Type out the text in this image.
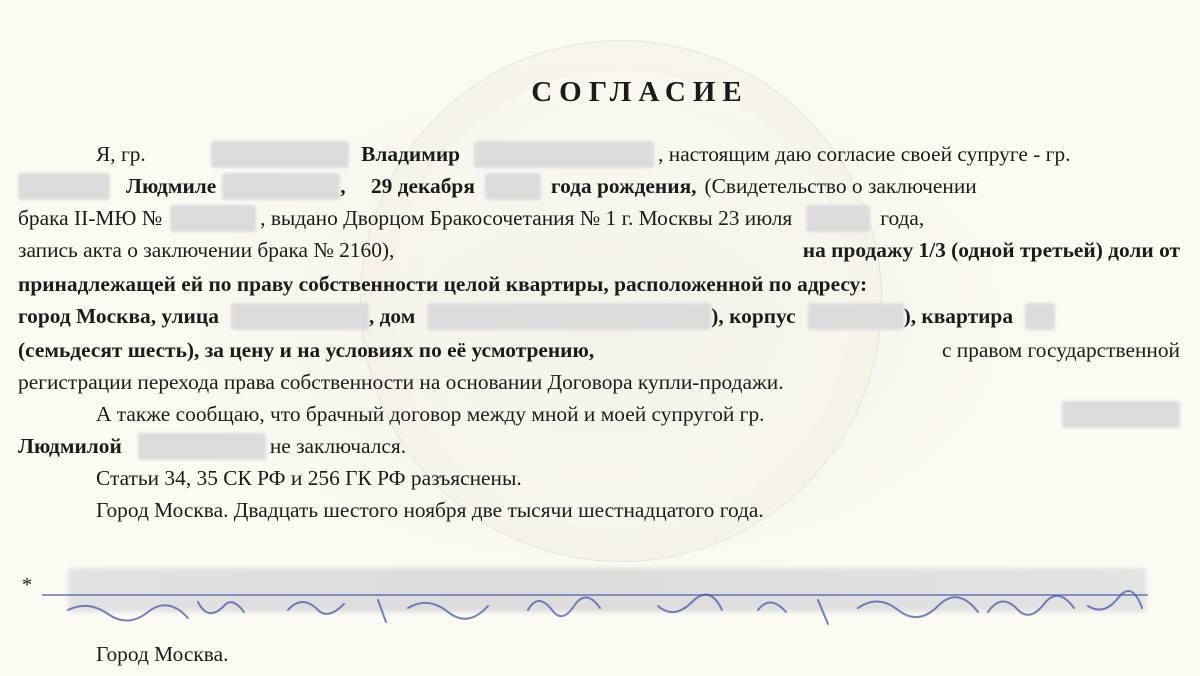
СОГЛАСИЕ
Я, гр.	Владимир	, настоящим даю согласие своей супруге - гр.
Людмиле	, 29 декабря	года рождения, (Свидетельство о заключении
брака II-МЮ №	, выдано Дворцом Бракосочетания № 1 г. Москвы 23 июля	года,
запись акта о заключении брака № 2160),	на продажу 1/3 (одной третьей) доли от
принадлежащей ей по праву собственности целой квартиры, расположенной по адресу:
город Москва, улица	, дом	), корпус	), квартира
(семьдесят шесть), за цену и на условиях по её усмотрению,	с правом государственной
регистрации перехода права собственности на основании Договора купли-продажи.
А также сообщаю, что брачный договор между мной и моей супругой гр.
Людмилой	не заключался.
Статьи 34, 35 СК РФ и 256 ГК РФ разъяснены.
Город Москва. Двадцать шестого ноября две тысячи шестнадцатого года.
*
Город Москва.
